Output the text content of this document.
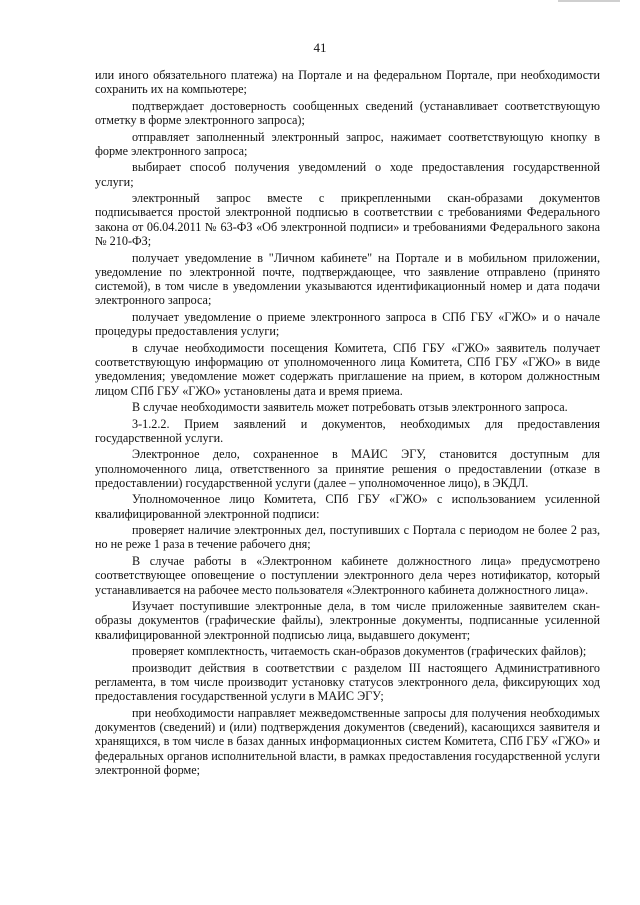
41

или иного обязательного платежа) на Портале и на федеральном Портале, при необходимости сохранить их на компьютере;

подтверждает достоверность сообщенных сведений (устанавливает соответствующую отметку в форме электронного запроса);

отправляет заполненный электронный запрос, нажимает соответствующую кнопку в форме электронного запроса;

выбирает способ получения уведомлений о ходе предоставления государственной услуги;

электронный запрос вместе с прикрепленными скан-образами документов подписывается простой электронной подписью в соответствии с требованиями Федерального закона от 06.04.2011 № 63-ФЗ «Об электронной подписи» и требованиями Федерального закона № 210-ФЗ;

получает уведомление в "Личном кабинете" на Портале и в мобильном приложении, уведомление по электронной почте, подтверждающее, что заявление отправлено (принято системой), в том числе в уведомлении указываются идентификационный номер и дата подачи электронного запроса;

получает уведомление о приеме электронного запроса в СПб ГБУ «ГЖО» и о начале процедуры предоставления услуги;

в случае необходимости посещения Комитета, СПб ГБУ «ГЖО» заявитель получает соответствующую информацию от уполномоченного лица Комитета, СПб ГБУ «ГЖО» в виде уведомления; уведомление может содержать приглашение на прием, в котором должностным лицом СПб ГБУ «ГЖО» установлены дата и время приема.

В случае необходимости заявитель может потребовать отзыв электронного запроса.

3-1.2.2. Прием заявлений и документов, необходимых для предоставления государственной услуги.

Электронное дело, сохраненное в МАИС ЭГУ, становится доступным для уполномоченного лица, ответственного за принятие решения о предоставлении (отказе в предоставлении) государственной услуги (далее – уполномоченное лицо), в ЭКДЛ.

Уполномоченное лицо Комитета, СПб ГБУ «ГЖО» с использованием усиленной квалифицированной электронной подписи:

проверяет наличие электронных дел, поступивших с Портала с периодом не более 2 раз, но не реже 1 раза в течение рабочего дня;

В случае работы в «Электронном кабинете должностного лица» предусмотрено соответствующее оповещение о поступлении электронного дела через нотификатор, который устанавливается на рабочее место пользователя «Электронного кабинета должностного лица».

Изучает поступившие электронные дела, в том числе приложенные заявителем скан-образы документов (графические файлы), электронные документы, подписанные усиленной квалифицированной электронной подписью лица, выдавшего документ;

проверяет комплектность, читаемость скан-образов документов (графических файлов);

производит действия в соответствии с разделом III настоящего Административного регламента, в том числе производит установку статусов электронного дела, фиксирующих ход предоставления государственной услуги в МАИС ЭГУ;

при необходимости направляет межведомственные запросы для получения необходимых документов (сведений) и (или) подтверждения документов (сведений), касающихся заявителя и хранящихся, в том числе в базах данных информационных систем Комитета, СПб ГБУ «ГЖО» и федеральных органов исполнительной власти, в рамках предоставления государственной услуги электронной форме;
